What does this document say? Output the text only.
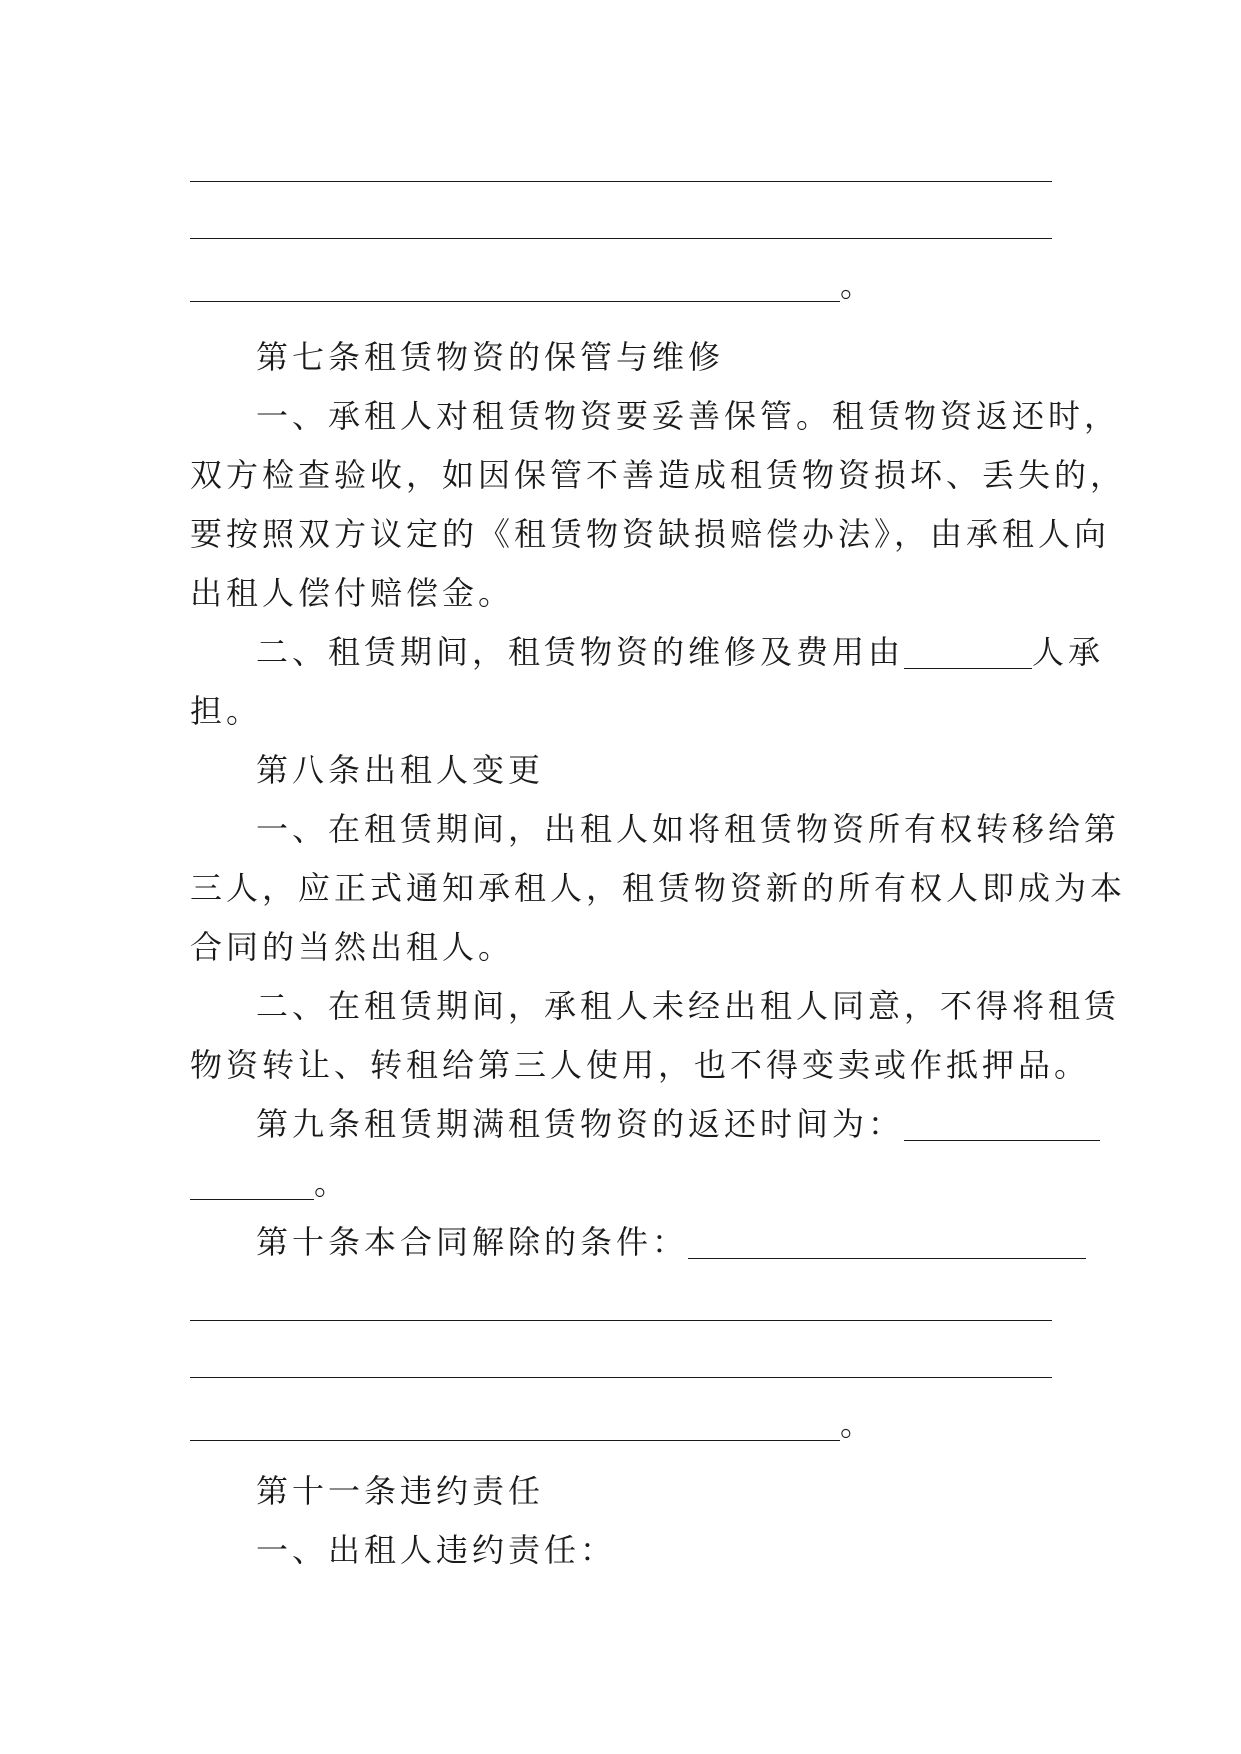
。
第七条租赁物资的保管与维修
一、承租人对租赁物资要妥善保管。租赁物资返还时，
双方检查验收，如因保管不善造成租赁物资损坏、丢失的，
要按照双方议定的《租赁物资缺损赔偿办法》，由承租人向
出租人偿付赔偿金。
二、租赁期间，租赁物资的维修及费用由	人承
担。
第八条出租人变更
一、在租赁期间，出租人如将租赁物资所有权转移给第
三人，应正式通知承租人，租赁物资新的所有权人即成为本
合同的当然出租人。
二、在租赁期间，承租人未经出租人同意，不得将租赁
物资转让、转租给第三人使用，也不得变卖或作抵押品。
第九条租赁期满租赁物资的返还时间为：
。
第十条本合同解除的条件：
。
第十一条违约责任
一、出租人违约责任：
